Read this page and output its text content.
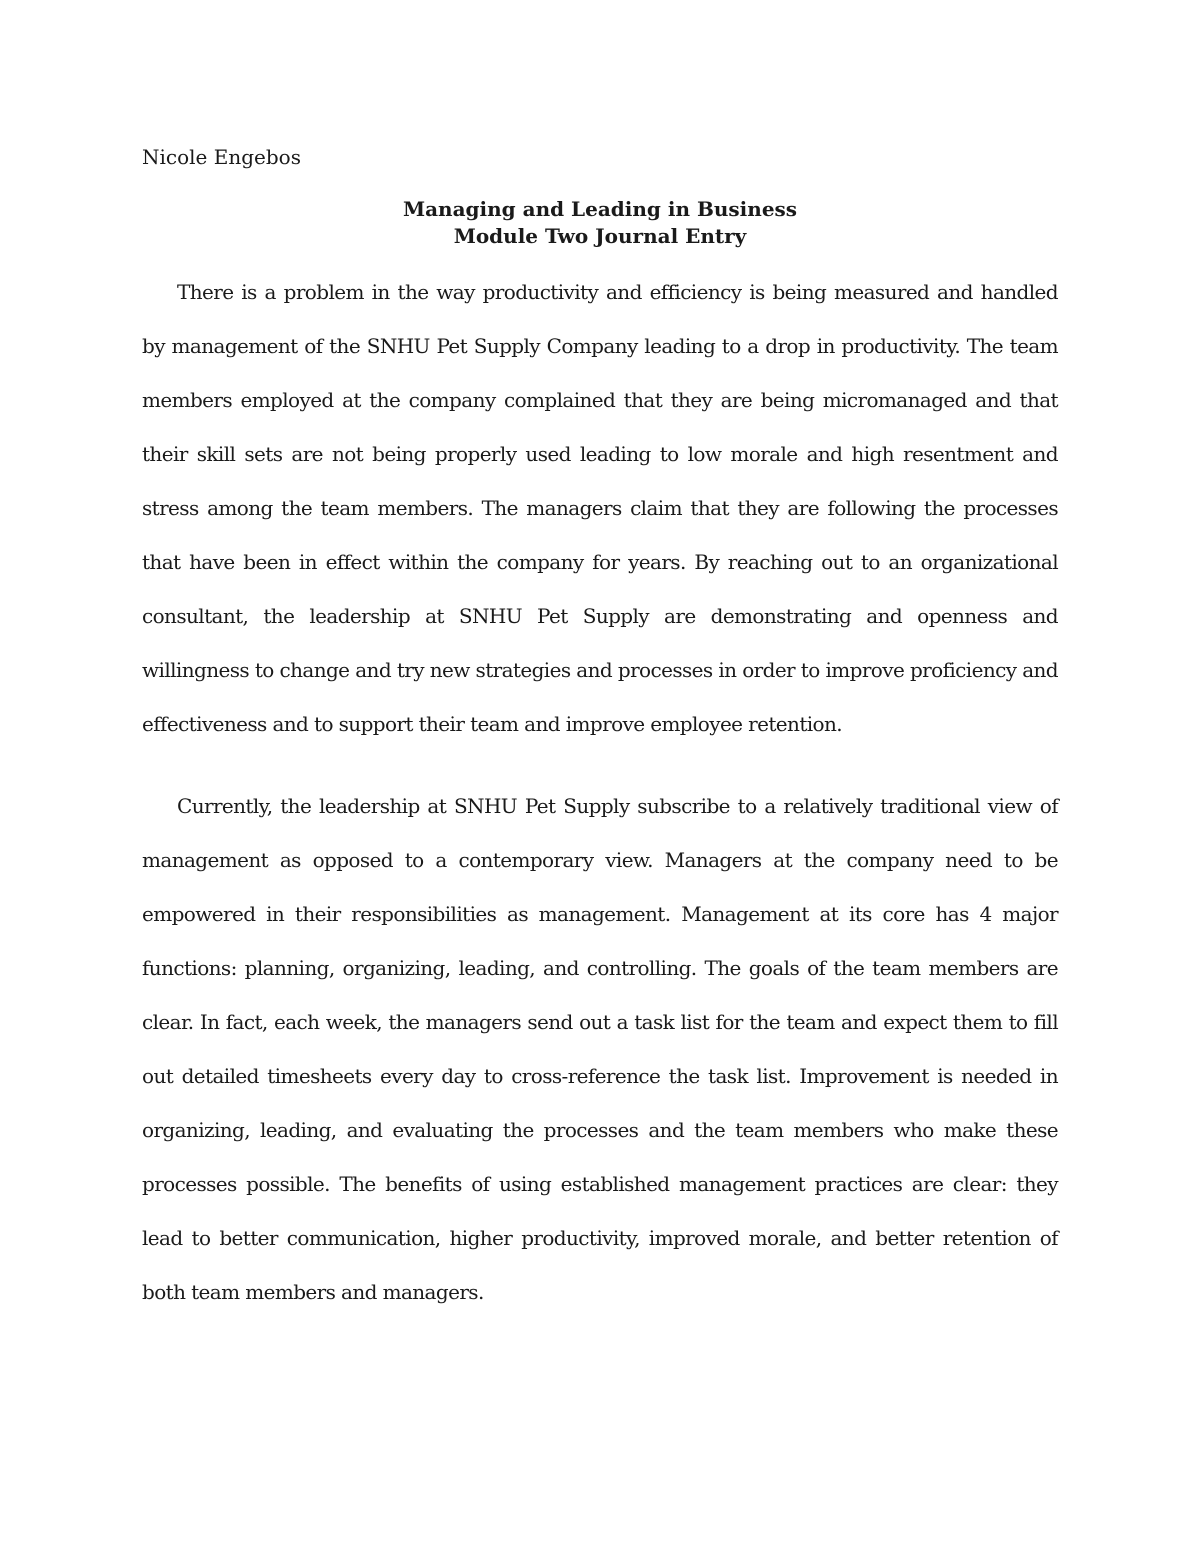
Nicole Engebos

Managing and Leading in Business
Module Two Journal Entry

There is a problem in the way productivity and efficiency is being measured and handled by management of the SNHU Pet Supply Company leading to a drop in productivity. The team members employed at the company complained that they are being micromanaged and that their skill sets are not being properly used leading to low morale and high resentment and stress among the team members. The managers claim that they are following the processes that have been in effect within the company for years. By reaching out to an organizational consultant, the leadership at SNHU Pet Supply are demonstrating and openness and willingness to change and try new strategies and processes in order to improve proficiency and effectiveness and to support their team and improve employee retention.

Currently, the leadership at SNHU Pet Supply subscribe to a relatively traditional view of management as opposed to a contemporary view. Managers at the company need to be empowered in their responsibilities as management. Management at its core has 4 major functions: planning, organizing, leading, and controlling. The goals of the team members are clear. In fact, each week, the managers send out a task list for the team and expect them to fill out detailed timesheets every day to cross-reference the task list. Improvement is needed in organizing, leading, and evaluating the processes and the team members who make these processes possible. The benefits of using established management practices are clear: they lead to better communication, higher productivity, improved morale, and better retention of both team members and managers.
